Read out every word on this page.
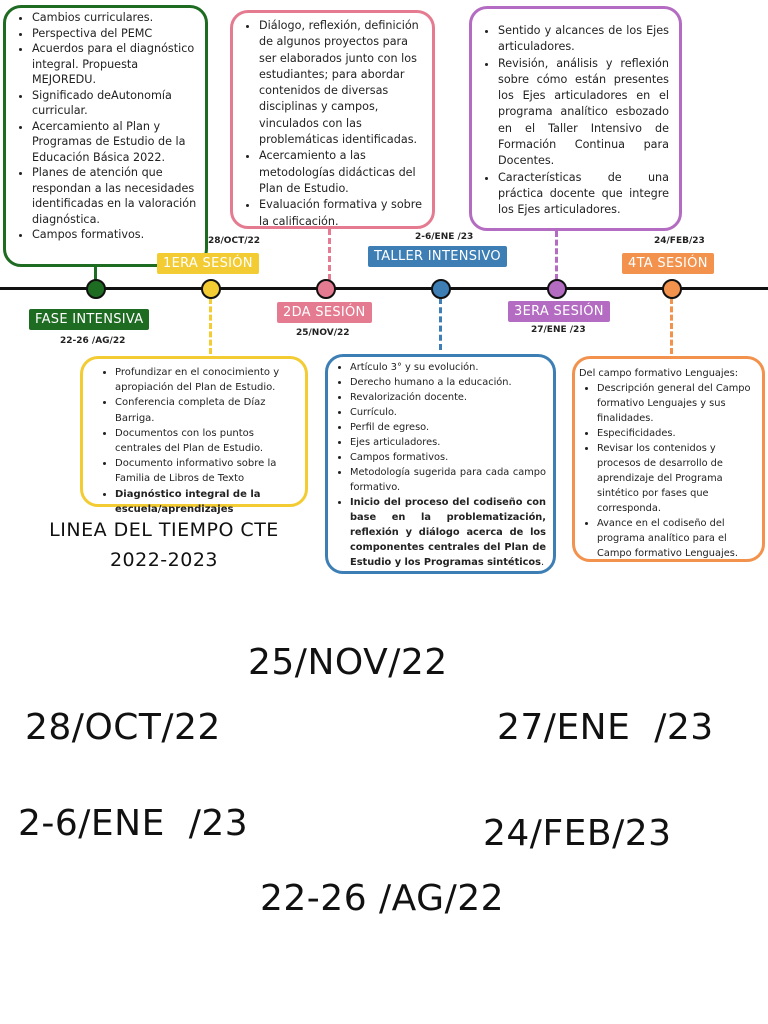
• Cambios curriculares.
• Perspectiva del PEMC
• Acuerdos para el diagnóstico integral. Propuesta MEJOREDU.
• Significado deAutonomía curricular.
• Acercamiento al Plan y Programas de Estudio de la Educación Básica 2022.
• Planes de atención que respondan a las necesidades identificadas en la valoración diagnóstica.
• Campos formativos.
• Diálogo, reflexión, definición de algunos proyectos para ser elaborados junto con los estudiantes; para abordar contenidos de diversas disciplinas y campos, vinculados con las problemáticas identificadas.
• Acercamiento a las metodologías didácticas del Plan de Estudio.
• Evaluación formativa y sobre la calificación.
• Sentido y alcances de los Ejes articuladores.
• Revisión, análisis y reflexión sobre cómo están presentes los Ejes articuladores en el programa analítico esbozado en el Taller Intensivo de Formación Continua para Docentes.
• Características de una práctica docente que integre los Ejes articuladores.
• Profundizar en el conocimiento y apropiación del Plan de Estudio.
• Conferencia completa de Díaz Barriga.
• Documentos con los puntos centrales del Plan de Estudio.
• Documento informativo sobre la Familia de Libros de Texto
• Diagnóstico integral de la escuela/aprendizajes
• Artículo 3° y su evolución.
• Derecho humano a la educación.
• Revalorización docente.
• Currículo.
• Perfil de egreso.
• Ejes articuladores.
• Campos formativos.
• Metodología sugerida para cada campo formativo.
• Inicio del proceso del codiseño con base en la problematización, reflexión y diálogo acerca de los componentes centrales del Plan de Estudio y los Programas sintéticos.

Del campo formativo Lenguajes:

• Descripción general del Campo formativo Lenguajes y sus finalidades.
• Especificidades.
• Revisar los contenidos y procesos de desarrollo de aprendizaje del Programa sintético por fases que corresponda.
• Avance en el codiseño del programa analítico para el Campo formativo Lenguajes.
FASE INTENSIVA
22-26 /AG/22
1ERA SESIÓN
28/OCT/22
2DA SESIÓN
25/NOV/22
TALLER INTENSIVO
2-6/ENE /23
3ERA SESIÓN
27/ENE /23
4TA SESIÓN
24/FEB/23
LINEA DEL TIEMPO CTE
2022-2023
25/NOV/22
28/OCT/22	27/ENE  /23
2-6/ENE  /23	24/FEB/23
22-26 /AG/22
